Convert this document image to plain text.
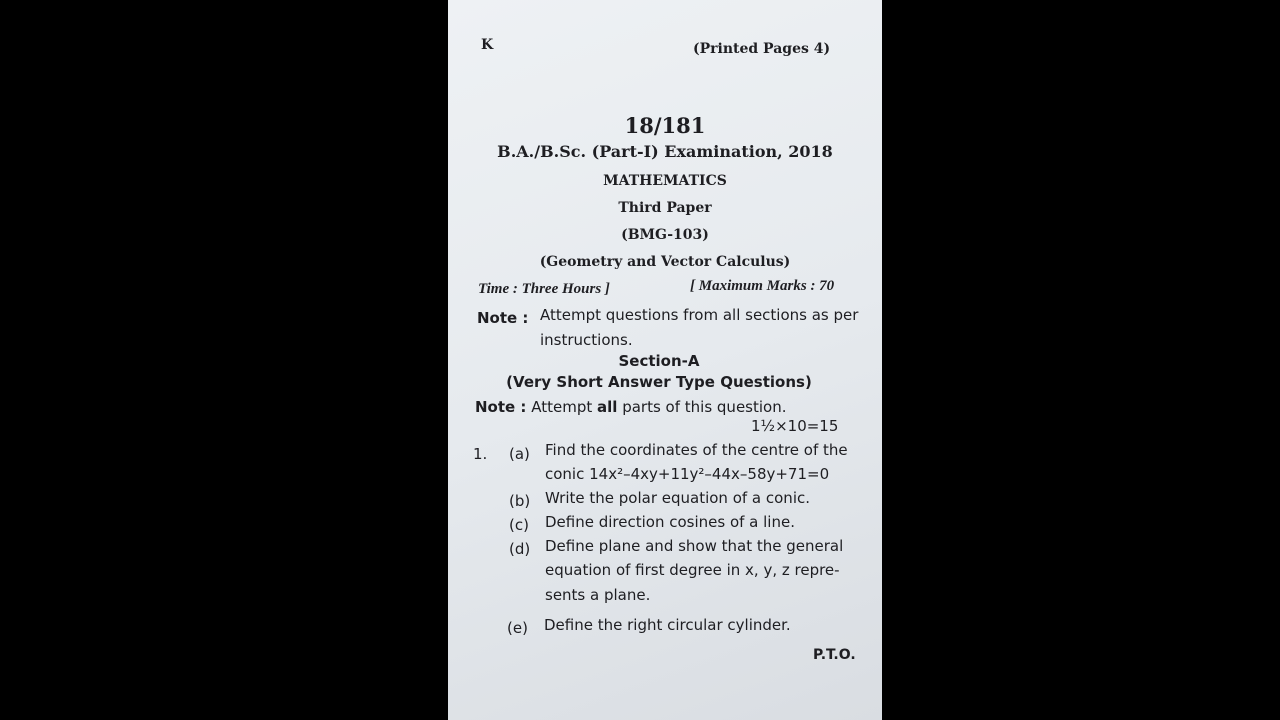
K	(Printed Pages 4)
18/181
B.A./B.Sc. (Part-I) Examination, 2018
MATHEMATICS
Third Paper
(BMG-103)
(Geometry and Vector Calculus)
Time : Three Hours ]	[ Maximum Marks : 70
Note : Attempt questions from all sections as per
instructions.
Section-A
(Very Short Answer Type Questions)
Note : Attempt all parts of this question.
1½×10=15
1. (a) Find the coordinates of the centre of the
conic 14x²–4xy+11y²–44x–58y+71=0
(b) Write the polar equation of a conic.
(c) Define direction cosines of a line.
(d) Define plane and show that the general
equation of first degree in x, y, z repre-
sents a plane.
(e) Define the right circular cylinder.
P.T.O.
